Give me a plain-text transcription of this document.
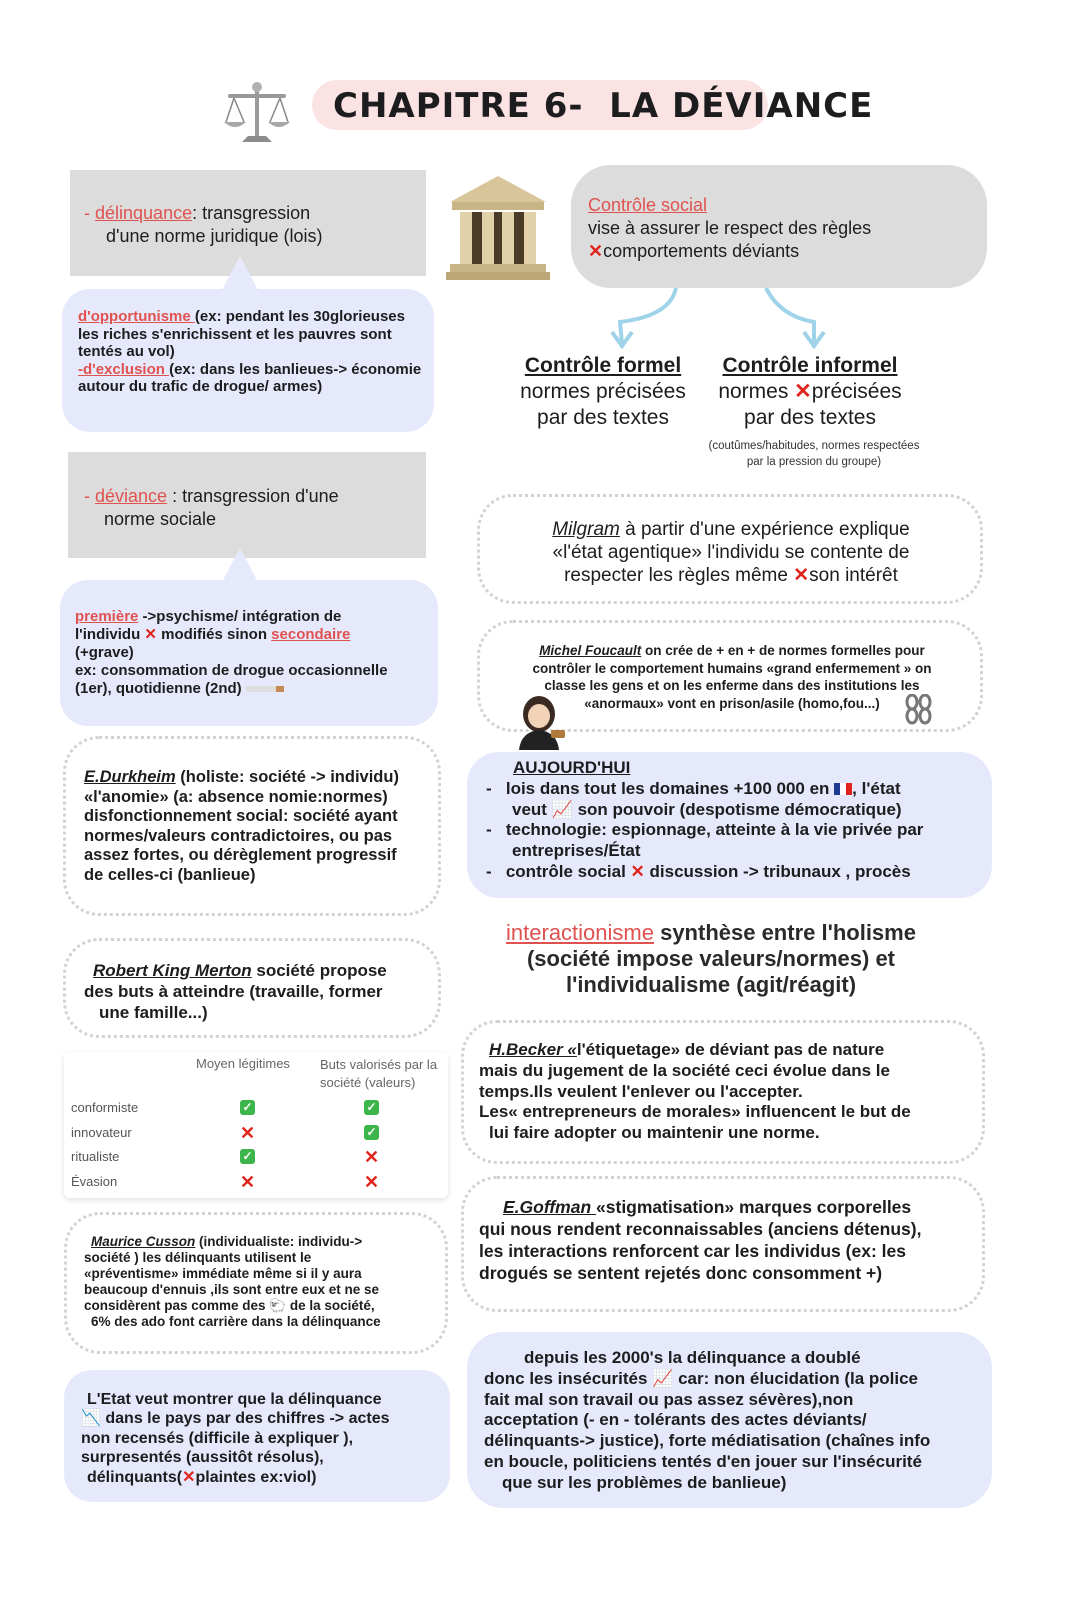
CHAPITRE 6-  LA DÉVIANCE
- délinquance: transgression
d'une norme juridique (lois)
d'opportunisme (ex: pendant les 30glorieuses les riches s'enrichissent et les pauvres sont tentés au vol)
-d'exclusion (ex: dans les banlieues-> économie autour du trafic de drogue/ armes)
Contrôle social
vise à assurer le respect des règles
✕comportements déviants
Contrôle formel
normes précisées
par des textes
Contrôle informel
normes ✕précisées
par des textes
(coutûmes/habitudes, normes respectées
par la pression du groupe)
- déviance : transgression d'une
norme sociale
première ->psychisme/ intégration de
l'individu ✕ modifiés sinon secondaire
(+grave)
ex: consommation de drogue occasionnelle
(1er), quotidienne (2nd)
Milgram à partir d'une expérience explique
«l'état agentique» l'individu se contente de
respecter les règles même ✕son intérêt
Michel Foucault on crée de + en + de normes formelles pour
contrôler le comportement humains «grand enfermement » on
classe les gens et on les enferme dans des institutions les
«anormaux» vont en prison/asile (homo,fou...)
E.Durkheim (holiste: société -> individu)
«l'anomie» (a: absence nomie:normes)
disfonctionnement social: société ayant
normes/valeurs contradictoires, ou pas
assez fortes, ou dérèglement progressif
de celles-ci (banlieue)
AUJOURD'HUI
-   lois dans tout les domaines +100 000 en , l'état
veut 📈 son pouvoir (despotisme démocratique)
-   technologie: espionnage, atteinte à la vie privée par
entreprises/État
-   contrôle social ✕ discussion -> tribunaux , procès
interactionisme synthèse entre l'holisme
(société impose valeurs/normes) et
l'individualisme (agit/réagit)
Robert King Merton société propose
des buts à atteindre (travaille, former
une famille...)
Moyen légitimes Buts valorisés par la
société (valeurs)
conformiste	✓	✓
innovateur	✕	✓
ritualiste	✓	✕
Évasion	✕	✕
H.Becker «l'étiquetage» de déviant pas de nature
mais du jugement de la société ceci évolue dans le
temps.Ils veulent l'enlever ou l'accepter.
Les« entrepreneurs de morales» influencent le but de
lui faire adopter ou maintenir une norme.
E.Goffman «stigmatisation» marques corporelles
qui nous rendent reconnaissables (anciens détenus),
les interactions renforcent car les individus (ex: les
drogués se sentent rejetés donc consomment +)
Maurice Cusson (individualiste: individu->
société ) les délinquants utilisent le
«préventisme» immédiate même si il y aura
beaucoup d'ennuis ,ils sont entre eux et ne se
considèrent pas comme des 🐑 de la société,
6% des ado font carrière dans la délinquance
L'Etat veut montrer que la délinquance
📉 dans le pays par des chiffres -> actes
non recensés (difficile à expliquer ),
surpresentés (aussitôt résolus),
délinquants(✕plaintes ex:viol)
depuis les 2000's la délinquance a doublé
donc les insécurités 📈 car: non élucidation (la police
fait mal son travail ou pas assez sévères),non
acceptation (- en - tolérants des actes déviants/
délinquants-> justice), forte médiatisation (chaînes info
en boucle, politiciens tentés d'en jouer sur l'insécurité
que sur les problèmes de banlieue)
